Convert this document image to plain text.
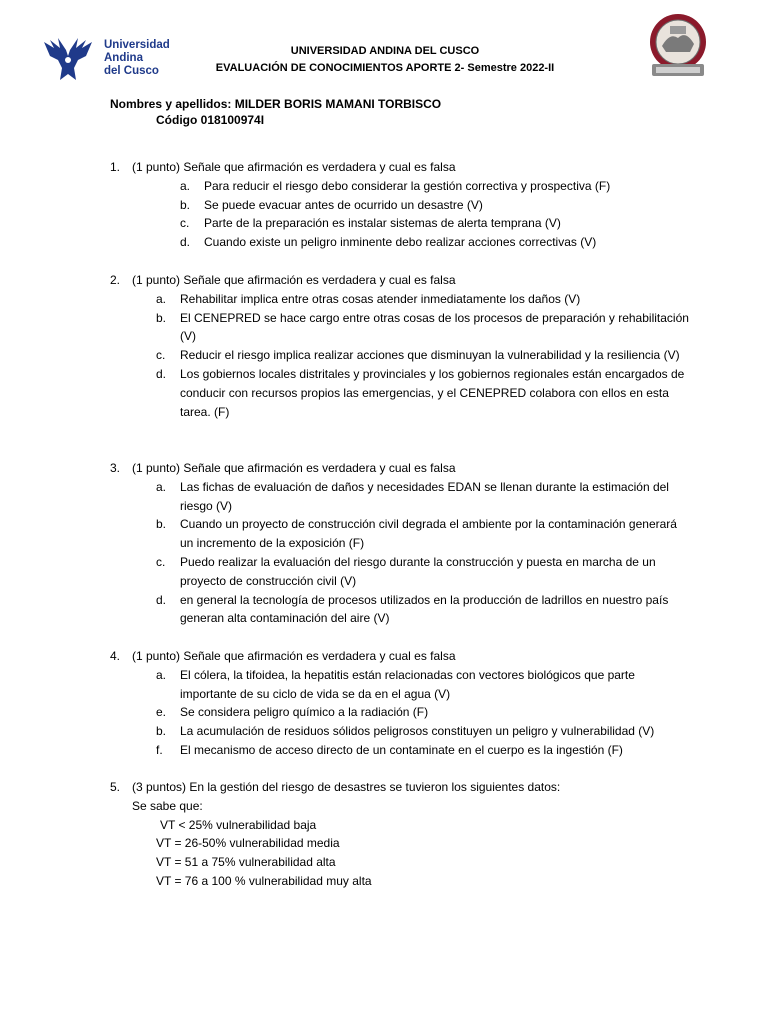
Universidad
Andina
del Cusco
UNIVERSIDAD ANDINA DEL CUSCO
EVALUACIÓN DE CONOCIMIENTOS APORTE 2- Semestre 2022-II
Nombres y apellidos: MILDER BORIS MAMANI TORBISCO
Código 018100974I
1. (1 punto) Señale que afirmación es verdadera y cual es falsa
a.	Para reducir el riesgo debo considerar la gestión correctiva y prospectiva (F)
b.	Se puede evacuar antes de ocurrido un desastre (V)
c.	Parte de la preparación es instalar sistemas de alerta temprana (V)
d.	Cuando existe un peligro inminente debo realizar acciones correctivas (V)
2. (1 punto) Señale que afirmación es verdadera y cual es falsa
a.	Rehabilitar implica entre otras cosas atender inmediatamente los daños (V)
b.	El CENEPRED se hace cargo entre otras cosas de los procesos de preparación y rehabilitación (V)
c.	Reducir el riesgo implica realizar acciones que disminuyan la vulnerabilidad y la resiliencia (V)
d.	Los gobiernos locales distritales y provinciales y los gobiernos regionales están encargados de conducir con recursos propios las emergencias, y el CENEPRED colabora con ellos en esta tarea. (F)
3. (1 punto) Señale que afirmación es verdadera y cual es falsa
a.	Las fichas de evaluación de daños y necesidades EDAN se llenan durante la estimación del riesgo (V)
b.	Cuando un proyecto de construcción civil degrada el ambiente por la contaminación generará un incremento de la exposición (F)
c.	Puedo realizar la evaluación del riesgo durante la construcción y puesta en marcha de un proyecto de construcción civil (V)
d.	en general la tecnología de procesos utilizados en la producción de ladrillos en nuestro país generan alta contaminación del aire (V)
4. (1 punto) Señale que afirmación es verdadera y cual es falsa
a.	El cólera, la tifoidea, la hepatitis están relacionadas con vectores biológicos que parte importante de su ciclo de vida se da en el agua (V)
e.	Se considera peligro químico a la radiación (F)
b.	La acumulación de residuos sólidos peligrosos constituyen un peligro y vulnerabilidad (V)
f.	El mecanismo de acceso directo de un contaminate en el cuerpo es la ingestión (F)
5. (3 puntos) En la gestión del riesgo de desastres se tuvieron los siguientes datos:
Se sabe que:
VT < 25% vulnerabilidad baja
VT = 26-50% vulnerabilidad media
VT = 51 a 75% vulnerabilidad alta
VT = 76 a 100 % vulnerabilidad muy alta
